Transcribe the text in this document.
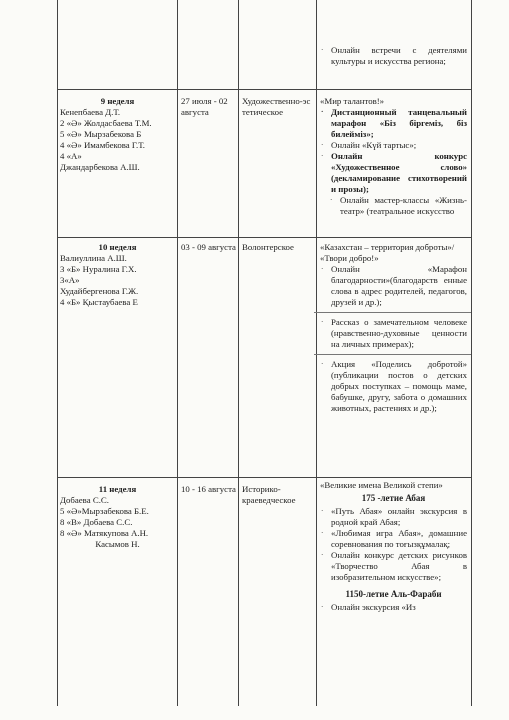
· Онлайн встречи с деятелями культуры и искусства региона;
9 неделя
Кенепбаева Д.Т.
2 «Ә» Жолдасбаева Т.М.
5 «Ә» Мырзабекова Б
4 «Ә» Имамбекова Г.Т.
4 «А»
Джандарбекова А.Ш.
27 июля - 02 августа
Художественно-эстетическое
«Мир талантов!»
· Дистанционный танцевальный марафон «Біз біргеміз, біз билейміз»;
· Онлайн «Күй тартыс»;
· Онлайн конкурс «Художественное слово» (декламирование стихотворений и прозы);
· Онлайн мастер-классы «Жизнь-театр» (театральное искусство
10 неделя
Валиуллина А.Ш.
3 «Б» Нуралина Г.Х.
3«А»
Худайбергенова Г.Ж.
4 «Б» Қыстаубаева Е
03 - 09 августа Волонтерское	«Казахстан – территория доброты»/ «Твори добро!»
· Онлайн «Марафон благодарности»(благодарств енные слова в адрес родителей, педагогов, друзей и др.);
· Рассказ о замечательном человеке (нравственно-духовные ценности на личных примерах);
· Акция «Поделись добротой» (публикации постов о детских добрых поступках – помощь маме, бабушке, другу, забота о домашних животных, растениях и др.);
11 неделя
Добаева С.С.
5 «Ә»Мырзабекова Б.Е.
8 «В» Добаева С.С.
8 «Ә» Матякупова А.Н.
Касымов Н.
10 - 16 августа Историко-краеведческое
«Великие имена Великой степи»
175 -летие Абая
· «Путь Абая» онлайн экскурсия в родной край Абая;
· «Любимая игра Абая», домашние соревнования по тоғызқұмалақ;
· Онлайн конкурс детских рисунков «Творчество Абая в изобразительном искусстве»;
1150-летие Аль-Фараби
· Онлайн экскурсия «Из
